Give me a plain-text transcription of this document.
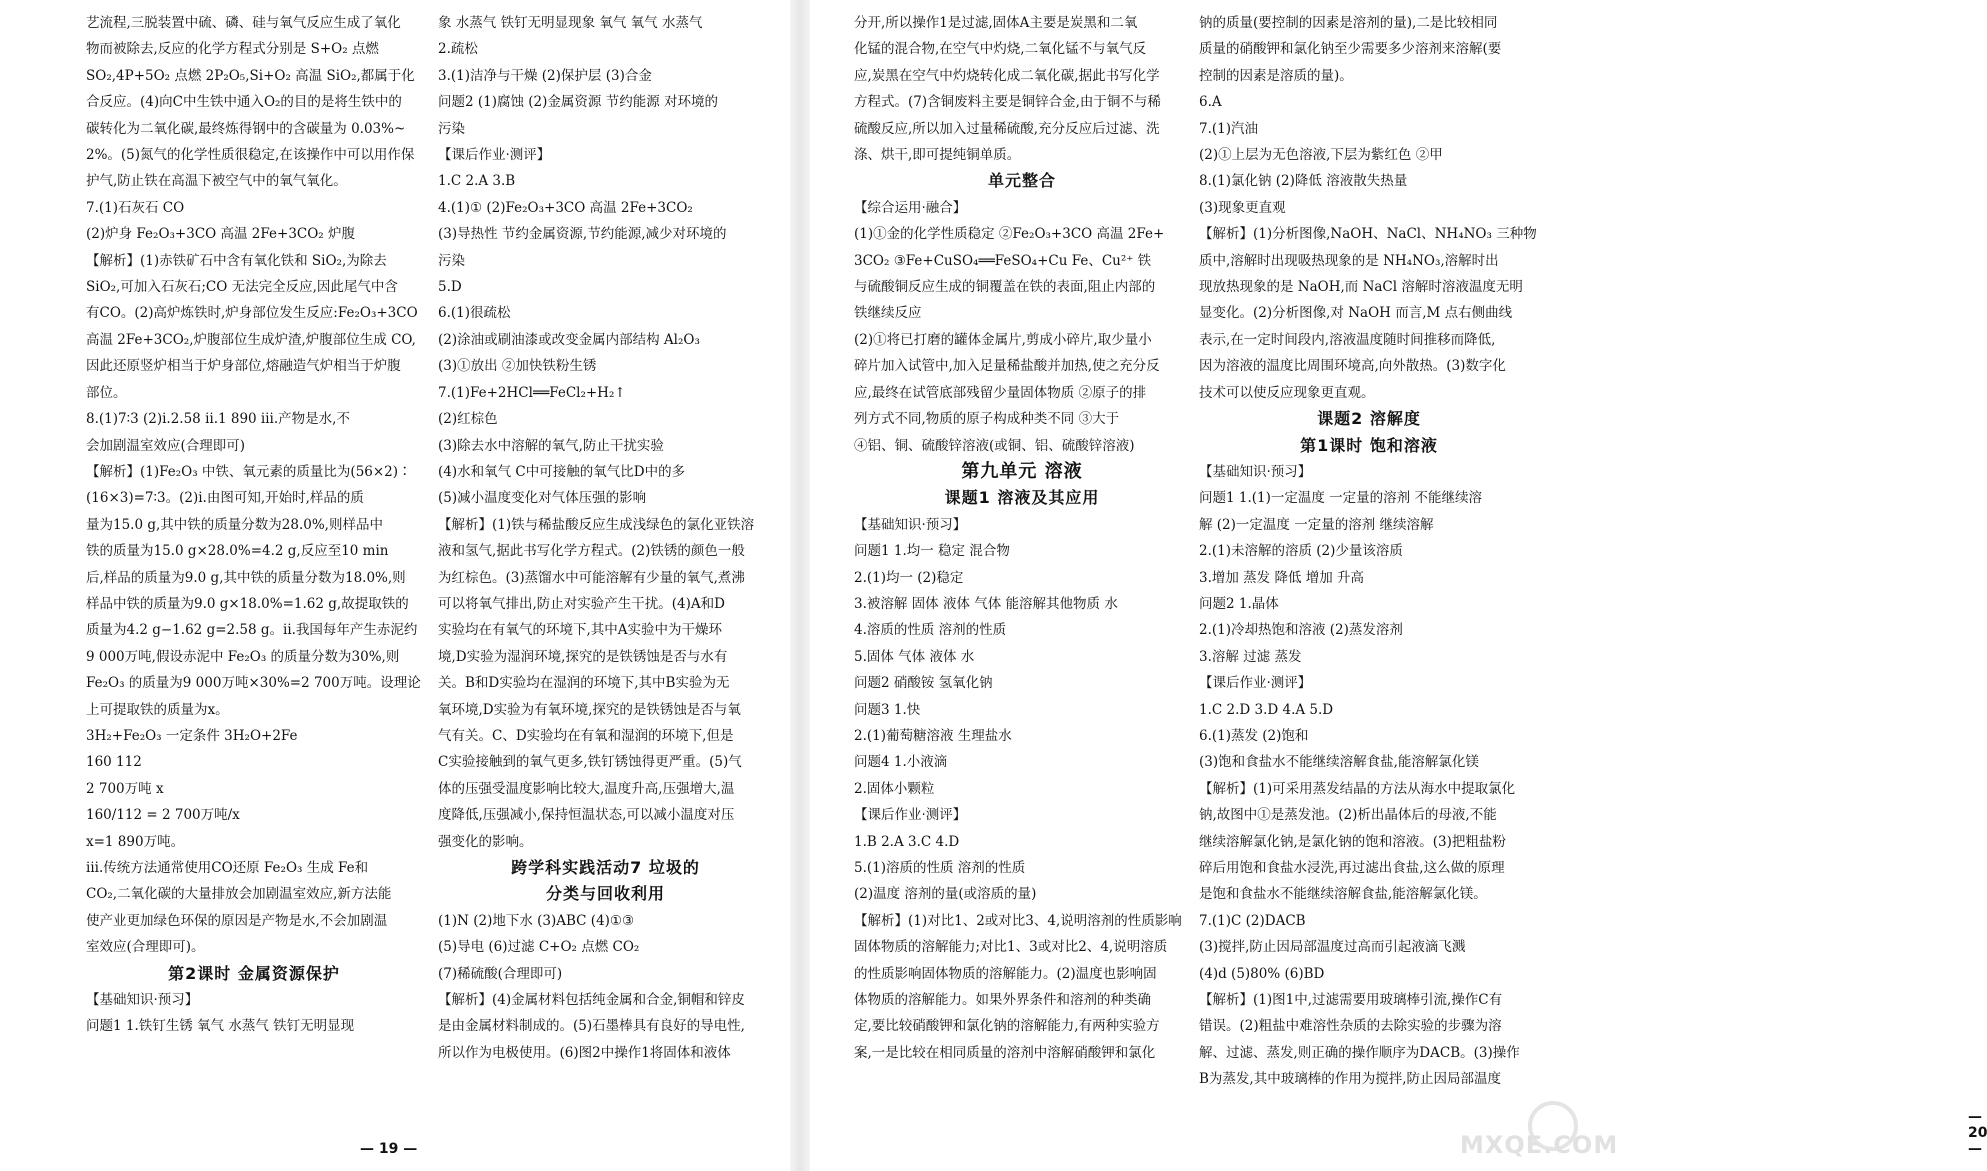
艺流程,三脱装置中硫、磷、硅与氧气反应生成了氧化
物而被除去,反应的化学方程式分别是 S+O₂ 点燃
SO₂,4P+5O₂ 点燃 2P₂O₅,Si+O₂ 高温 SiO₂,都属于化
合反应。(4)向C中生铁中通入O₂的目的是将生铁中的
碳转化为二氧化碳,最终炼得钢中的含碳量为 0.03%~
2%。(5)氮气的化学性质很稳定,在该操作中可以用作保
护气,防止铁在高温下被空气中的氧气氧化。
7.(1)石灰石 CO
(2)炉身 Fe₂O₃+3CO 高温 2Fe+3CO₂ 炉腹
【解析】(1)赤铁矿石中含有氧化铁和 SiO₂,为除去
SiO₂,可加入石灰石;CO 无法完全反应,因此尾气中含
有CO。(2)高炉炼铁时,炉身部位发生反应:Fe₂O₃+3CO
高温 2Fe+3CO₂,炉腹部位生成炉渣,炉腹部位生成 CO,
因此还原竖炉相当于炉身部位,熔融造气炉相当于炉腹
部位。
8.(1)7∶3 (2)ⅰ.2.58 ⅱ.1 890 ⅲ.产物是水,不
会加剧温室效应(合理即可)
【解析】(1)Fe₂O₃ 中铁、氧元素的质量比为(56×2)∶
(16×3)=7∶3。(2)ⅰ.由图可知,开始时,样品的质
量为15.0 g,其中铁的质量分数为28.0%,则样品中
铁的质量为15.0 g×28.0%=4.2 g,反应至10 min
后,样品的质量为9.0 g,其中铁的质量分数为18.0%,则
样品中铁的质量为9.0 g×18.0%=1.62 g,故提取铁的
质量为4.2 g−1.62 g=2.58 g。ⅱ.我国每年产生赤泥约
9 000万吨,假设赤泥中 Fe₂O₃ 的质量分数为30%,则
Fe₂O₃ 的质量为9 000万吨×30%=2 700万吨。设理论
上可提取铁的质量为x。
3H₂+Fe₂O₃ 一定条件 3H₂O+2Fe
160 112
2 700万吨 x
160/112 = 2 700万吨/x
x=1 890万吨。
ⅲ.传统方法通常使用CO还原 Fe₂O₃ 生成 Fe和
CO₂,二氧化碳的大量排放会加剧温室效应,新方法能
使产业更加绿色环保的原因是产物是水,不会加剧温
室效应(合理即可)。
第2课时 金属资源保护
【基础知识·预习】
问题1 1.铁钉生锈 氧气 水蒸气 铁钉无明显现
象 水蒸气 铁钉无明显现象 氧气 氧气 水蒸气
2.疏松
3.(1)洁净与干燥 (2)保护层 (3)合金
问题2 (1)腐蚀 (2)金属资源 节约能源 对环境的
污染
【课后作业·测评】
1.C 2.A 3.B
4.(1)① (2)Fe₂O₃+3CO 高温 2Fe+3CO₂
(3)导热性 节约金属资源,节约能源,减少对环境的
污染
5.D
6.(1)很疏松
(2)涂油或刷油漆或改变金属内部结构 Al₂O₃
(3)①放出 ②加快铁粉生锈
7.(1)Fe+2HCl══FeCl₂+H₂↑
(2)红棕色
(3)除去水中溶解的氧气,防止干扰实验
(4)水和氧气 C中可接触的氧气比D中的多
(5)减小温度变化对气体压强的影响
【解析】(1)铁与稀盐酸反应生成浅绿色的氯化亚铁溶
液和氢气,据此书写化学方程式。(2)铁锈的颜色一般
为红棕色。(3)蒸馏水中可能溶解有少量的氧气,煮沸
可以将氧气排出,防止对实验产生干扰。(4)A和D
实验均在有氧气的环境下,其中A实验中为干燥环
境,D实验为湿润环境,探究的是铁锈蚀是否与水有
关。B和D实验均在湿润的环境下,其中B实验为无
氧环境,D实验为有氧环境,探究的是铁锈蚀是否与氧
气有关。C、D实验均在有氧和湿润的环境下,但是
C实验接触到的氧气更多,铁钉锈蚀得更严重。(5)气
体的压强受温度影响比较大,温度升高,压强增大,温
度降低,压强减小,保持恒温状态,可以减小温度对压
强变化的影响。
跨学科实践活动7 垃圾的
分类与回收利用
(1)N (2)地下水 (3)ABC (4)①③
(5)导电 (6)过滤 C+O₂ 点燃 CO₂
(7)稀硫酸(合理即可)
【解析】(4)金属材料包括纯金属和合金,铜帽和锌皮
是由金属材料制成的。(5)石墨棒具有良好的导电性,
所以作为电极使用。(6)图2中操作1将固体和液体
— 19 —
分开,所以操作1是过滤,固体A主要是炭黑和二氧
化锰的混合物,在空气中灼烧,二氧化锰不与氧气反
应,炭黑在空气中灼烧转化成二氧化碳,据此书写化学
方程式。(7)含铜废料主要是铜锌合金,由于铜不与稀
硫酸反应,所以加入过量稀硫酸,充分反应后过滤、洗
涤、烘干,即可提纯铜单质。
单元整合
【综合运用·融合】
(1)①金的化学性质稳定 ②Fe₂O₃+3CO 高温 2Fe+
3CO₂ ③Fe+CuSO₄══FeSO₄+Cu Fe、Cu²⁺ 铁
与硫酸铜反应生成的铜覆盖在铁的表面,阻止内部的
铁继续反应
(2)①将已打磨的罐体金属片,剪成小碎片,取少量小
碎片加入试管中,加入足量稀盐酸并加热,使之充分反
应,最终在试管底部残留少量固体物质 ②原子的排
列方式不同,物质的原子构成种类不同 ③大于
④铝、铜、硫酸锌溶液(或铜、铝、硫酸锌溶液)
第九单元 溶液
课题1 溶液及其应用
【基础知识·预习】
问题1 1.均一 稳定 混合物
2.(1)均一 (2)稳定
3.被溶解 固体 液体 气体 能溶解其他物质 水
4.溶质的性质 溶剂的性质
5.固体 气体 液体 水
问题2 硝酸铵 氢氧化钠
问题3 1.快
2.(1)葡萄糖溶液 生理盐水
问题4 1.小液滴
2.固体小颗粒
【课后作业·测评】
1.B 2.A 3.C 4.D
5.(1)溶质的性质 溶剂的性质
(2)温度 溶剂的量(或溶质的量)
【解析】(1)对比1、2或对比3、4,说明溶剂的性质影响
固体物质的溶解能力;对比1、3或对比2、4,说明溶质
的性质影响固体物质的溶解能力。(2)温度也影响固
体物质的溶解能力。如果外界条件和溶剂的种类确
定,要比较硝酸钾和氯化钠的溶解能力,有两种实验方
案,一是比较在相同质量的溶剂中溶解硝酸钾和氯化
钠的质量(要控制的因素是溶剂的量),二是比较相同
质量的硝酸钾和氯化钠至少需要多少溶剂来溶解(要
控制的因素是溶质的量)。
6.A
7.(1)汽油
(2)①上层为无色溶液,下层为紫红色 ②甲
8.(1)氯化钠 (2)降低 溶液散失热量
(3)现象更直观
【解析】(1)分析图像,NaOH、NaCl、NH₄NO₃ 三种物
质中,溶解时出现吸热现象的是 NH₄NO₃,溶解时出
现放热现象的是 NaOH,而 NaCl 溶解时溶液温度无明
显变化。(2)分析图像,对 NaOH 而言,M 点右侧曲线
表示,在一定时间段内,溶液温度随时间推移而降低,
因为溶液的温度比周围环境高,向外散热。(3)数字化
技术可以使反应现象更直观。
课题2 溶解度
第1课时 饱和溶液
【基础知识·预习】
问题1 1.(1)一定温度 一定量的溶剂 不能继续溶
解 (2)一定温度 一定量的溶剂 继续溶解
2.(1)未溶解的溶质 (2)少量该溶质
3.增加 蒸发 降低 增加 升高
问题2 1.晶体
2.(1)冷却热饱和溶液 (2)蒸发溶剂
3.溶解 过滤 蒸发
【课后作业·测评】
1.C 2.D 3.D 4.A 5.D
6.(1)蒸发 (2)饱和
(3)饱和食盐水不能继续溶解食盐,能溶解氯化镁
【解析】(1)可采用蒸发结晶的方法从海水中提取氯化
钠,故图中①是蒸发池。(2)析出晶体后的母液,不能
继续溶解氯化钠,是氯化钠的饱和溶液。(3)把粗盐粉
碎后用饱和食盐水浸洗,再过滤出食盐,这么做的原理
是饱和食盐水不能继续溶解食盐,能溶解氯化镁。
7.(1)C (2)DACB
(3)搅拌,防止因局部温度过高而引起液滴飞溅
(4)d (5)80% (6)BD
【解析】(1)图1中,过滤需要用玻璃棒引流,操作C有
错误。(2)粗盐中难溶性杂质的去除实验的步骤为溶
解、过滤、蒸发,则正确的操作顺序为DACB。(3)操作
B为蒸发,其中玻璃棒的作用为搅拌,防止因局部温度
— 20 —
MXQE.COM
